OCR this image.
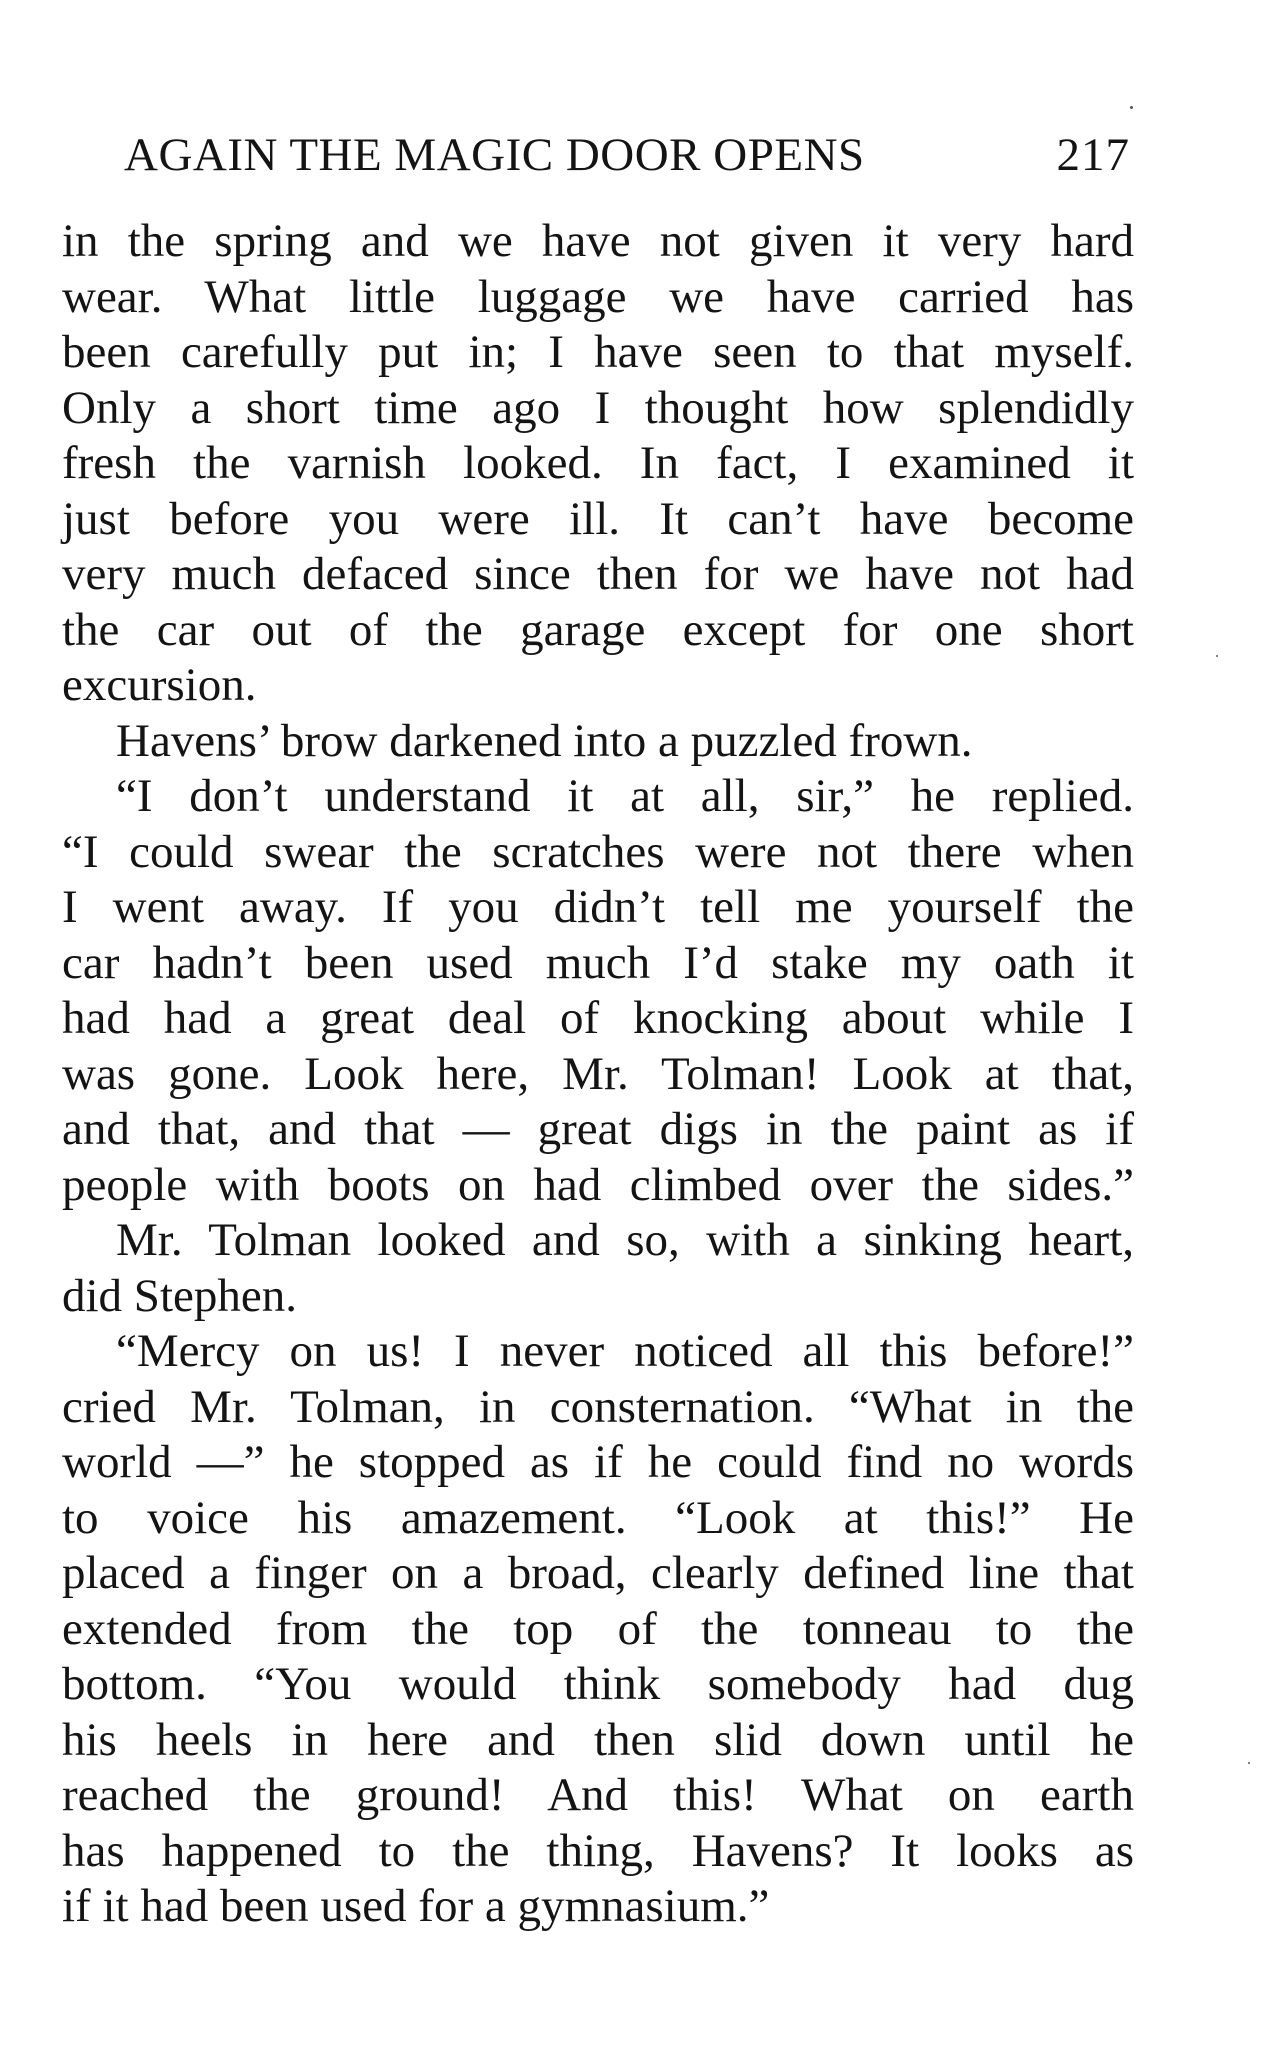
AGAIN THE MAGIC DOOR OPENS	217
in the spring and we have not given it very hard
wear. What little luggage we have carried has
been carefully put in; I have seen to that myself.
Only a short time ago I thought how splendidly
fresh the varnish looked. In fact, I examined it
just before you were ill. It can’t have become
very much defaced since then for we have not had
the car out of the garage except for one short
excursion.
Havens’ brow darkened into a puzzled frown.
“I don’t understand it at all, sir,” he replied.
“I could swear the scratches were not there when
I went away. If you didn’t tell me yourself the
car hadn’t been used much I’d stake my oath it
had had a great deal of knocking about while I
was gone. Look here, Mr. Tolman! Look at that,
and that, and that — great digs in the paint as if
people with boots on had climbed over the sides.”
Mr. Tolman looked and so, with a sinking heart,
did Stephen.
“Mercy on us! I never noticed all this before!”
cried Mr. Tolman, in consternation. “What in the
world —” he stopped as if he could find no words
to voice his amazement. “Look at this!” He
placed a finger on a broad, clearly defined line that
extended from the top of the tonneau to the
bottom. “You would think somebody had dug
his heels in here and then slid down until he
reached the ground! And this! What on earth
has happened to the thing, Havens? It looks as
if it had been used for a gymnasium.”
